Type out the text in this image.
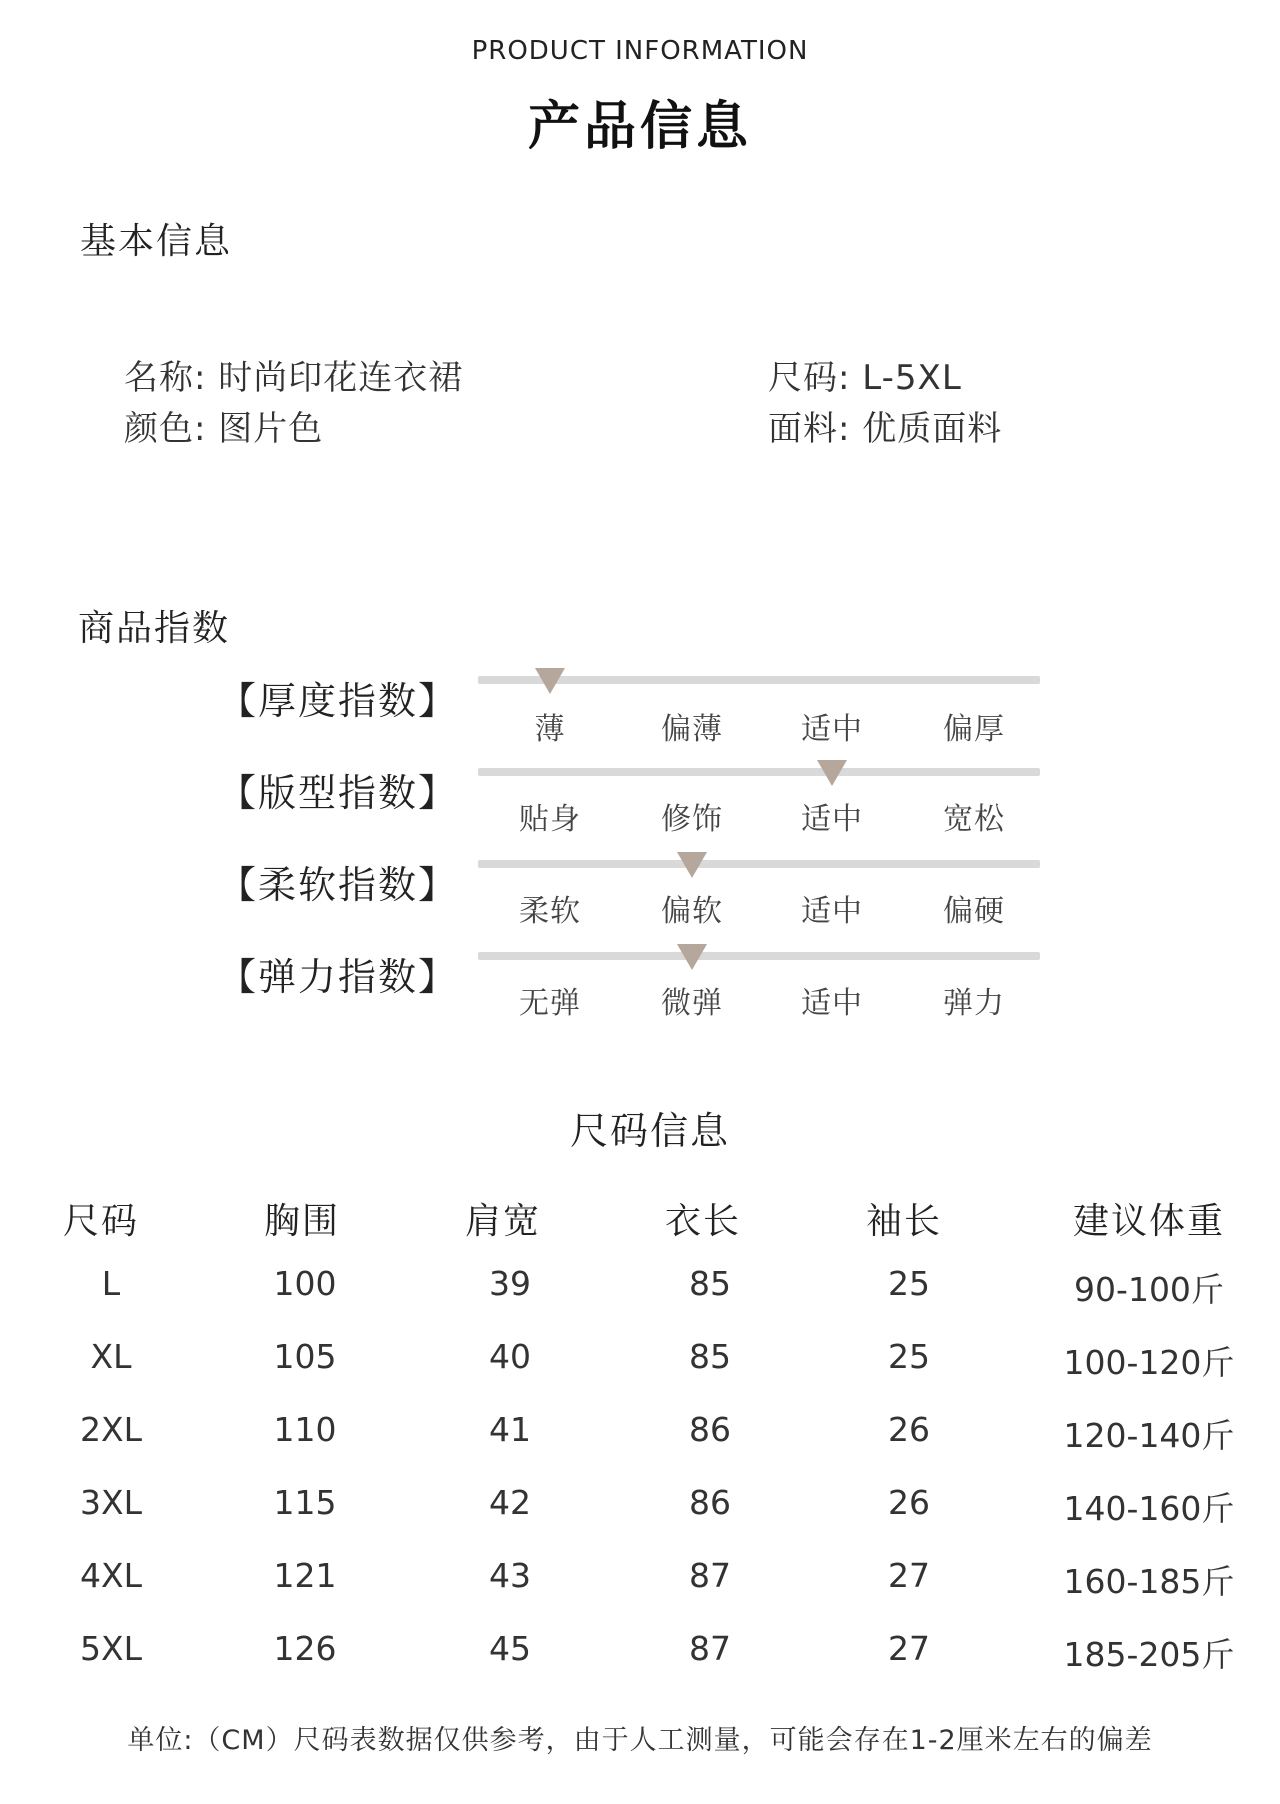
PRODUCT INFORMATION
产品信息
基本信息
名称: 时尚印花连衣裙
颜色: 图片色
尺码: L-5XL
面料: 优质面料
商品指数
【厚度指数】
薄	偏薄	适中	偏厚
【版型指数】
贴身	修饰	适中	宽松
【柔软指数】
柔软	偏软	适中	偏硬
【弹力指数】
无弹	微弹	适中	弹力
尺码信息
尺码	胸围	肩宽	衣长	袖长	建议体重
L	100	39	85	25	90-100斤
XL	105	40	85	25	100-120斤
2XL	110	41	86	26	120-140斤
3XL	115	42	86	26	140-160斤
4XL	121	43	87	27	160-185斤
5XL	126	45	87	27	185-205斤
单位:（CM）尺码表数据仅供参考，由于人工测量，可能会存在1-2厘米左右的偏差
